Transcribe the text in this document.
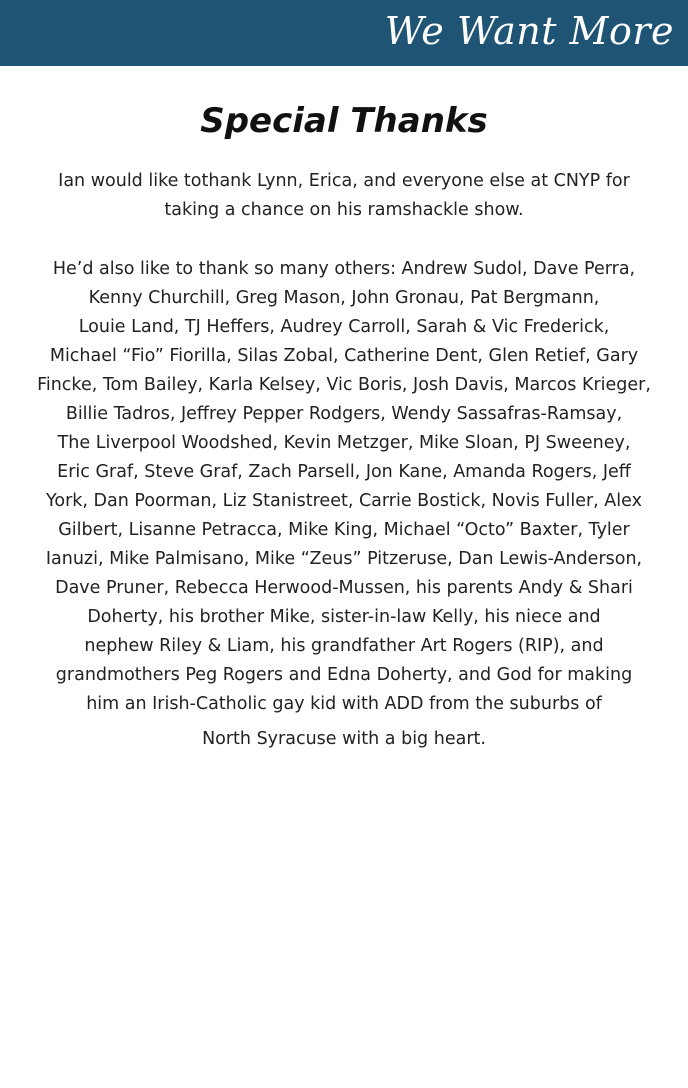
We Want More
Special Thanks

Ian would like tothank Lynn, Erica, and everyone else at CNYP for
taking a chance on his ramshackle show.

He’d also like to thank so many others: Andrew Sudol, Dave Perra,
Kenny Churchill, Greg Mason, John Gronau, Pat Bergmann,
Louie Land, TJ Heffers, Audrey Carroll, Sarah & Vic Frederick,
Michael “Fio” Fiorilla, Silas Zobal, Catherine Dent, Glen Retief, Gary
Fincke, Tom Bailey, Karla Kelsey, Vic Boris, Josh Davis, Marcos Krieger,
Billie Tadros, Jeffrey Pepper Rodgers, Wendy Sassafras-Ramsay,
The Liverpool Woodshed, Kevin Metzger, Mike Sloan, PJ Sweeney,
Eric Graf, Steve Graf, Zach Parsell, Jon Kane, Amanda Rogers, Jeff
York, Dan Poorman, Liz Stanistreet, Carrie Bostick, Novis Fuller, Alex
Gilbert, Lisanne Petracca, Mike King, Michael “Octo” Baxter, Tyler
Ianuzi, Mike Palmisano, Mike “Zeus” Pitzeruse, Dan Lewis-Anderson,
Dave Pruner, Rebecca Herwood-Mussen, his parents Andy & Shari
Doherty, his brother Mike, sister-in-law Kelly, his niece and
nephew Riley & Liam, his grandfather Art Rogers (RIP), and
grandmothers Peg Rogers and Edna Doherty, and God for making
him an Irish-Catholic gay kid with ADD from the suburbs of
North Syracuse with a big heart.
